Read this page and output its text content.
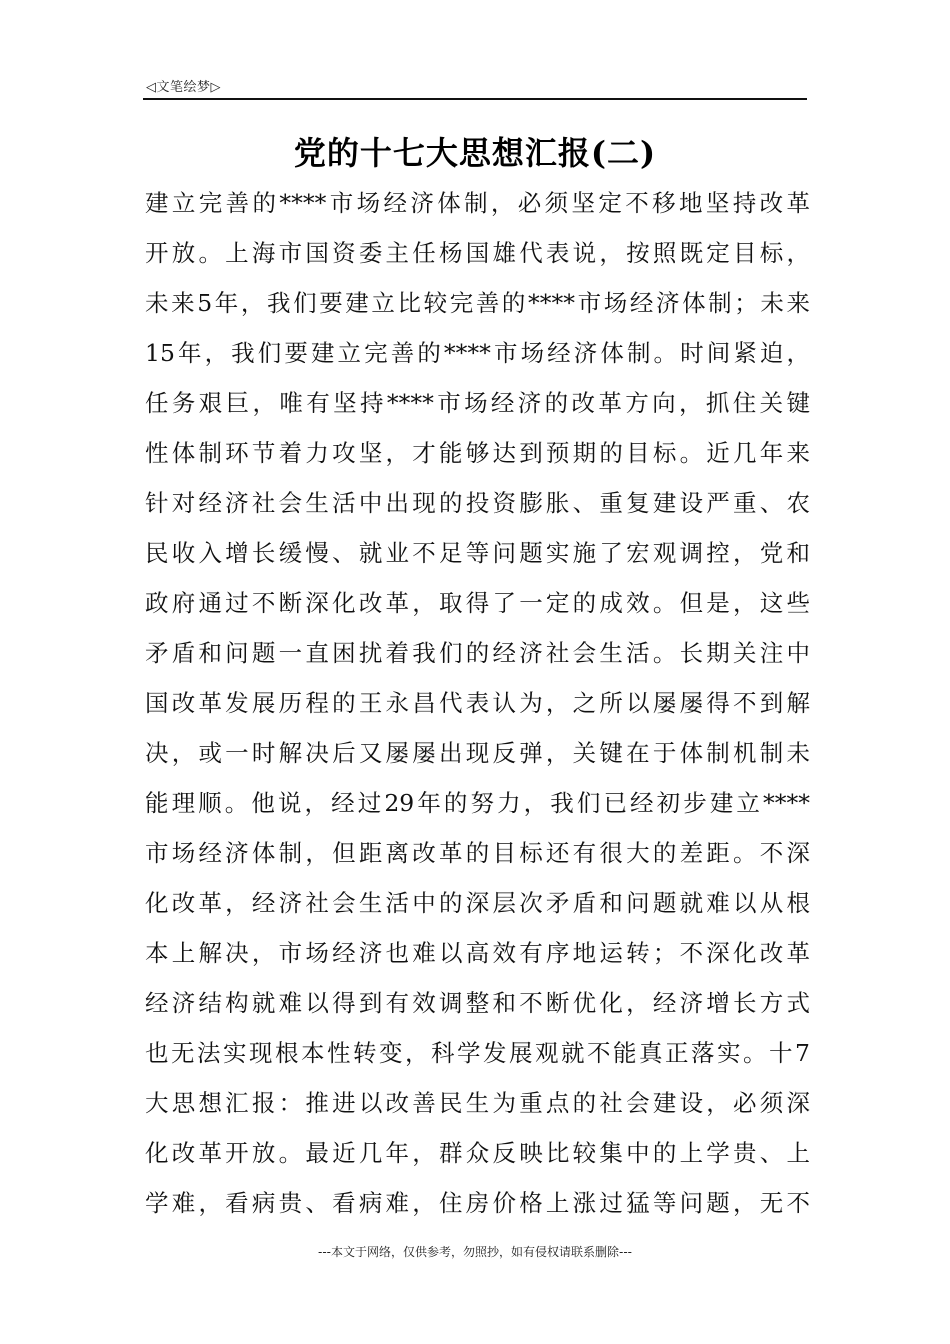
◁文笔绘梦▷
党的十七大思想汇报(二)
建立完善的****市场经济体制，必须坚定不移地坚持改革
开放。上海市国资委主任杨国雄代表说，按照既定目标，
未来5年，我们要建立比较完善的****市场经济体制；未来
15年，我们要建立完善的****市场经济体制。时间紧迫，
任务艰巨，唯有坚持****市场经济的改革方向，抓住关键
性体制环节着力攻坚，才能够达到预期的目标。近几年来
针对经济社会生活中出现的投资膨胀、重复建设严重、农
民收入增长缓慢、就业不足等问题实施了宏观调控，党和
政府通过不断深化改革，取得了一定的成效。但是，这些
矛盾和问题一直困扰着我们的经济社会生活。长期关注中
国改革发展历程的王永昌代表认为，之所以屡屡得不到解
决，或一时解决后又屡屡出现反弹，关键在于体制机制未
能理顺。他说，经过29年的努力，我们已经初步建立****
市场经济体制，但距离改革的目标还有很大的差距。不深
化改革，经济社会生活中的深层次矛盾和问题就难以从根
本上解决，市场经济也难以高效有序地运转；不深化改革
经济结构就难以得到有效调整和不断优化，经济增长方式
也无法实现根本性转变，科学发展观就不能真正落实。十7
大思想汇报：推进以改善民生为重点的社会建设，必须深
化改革开放。最近几年，群众反映比较集中的上学贵、上
学难，看病贵、看病难，住房价格上涨过猛等问题，无不
---本文于网络，仅供参考，勿照抄，如有侵权请联系删除---
